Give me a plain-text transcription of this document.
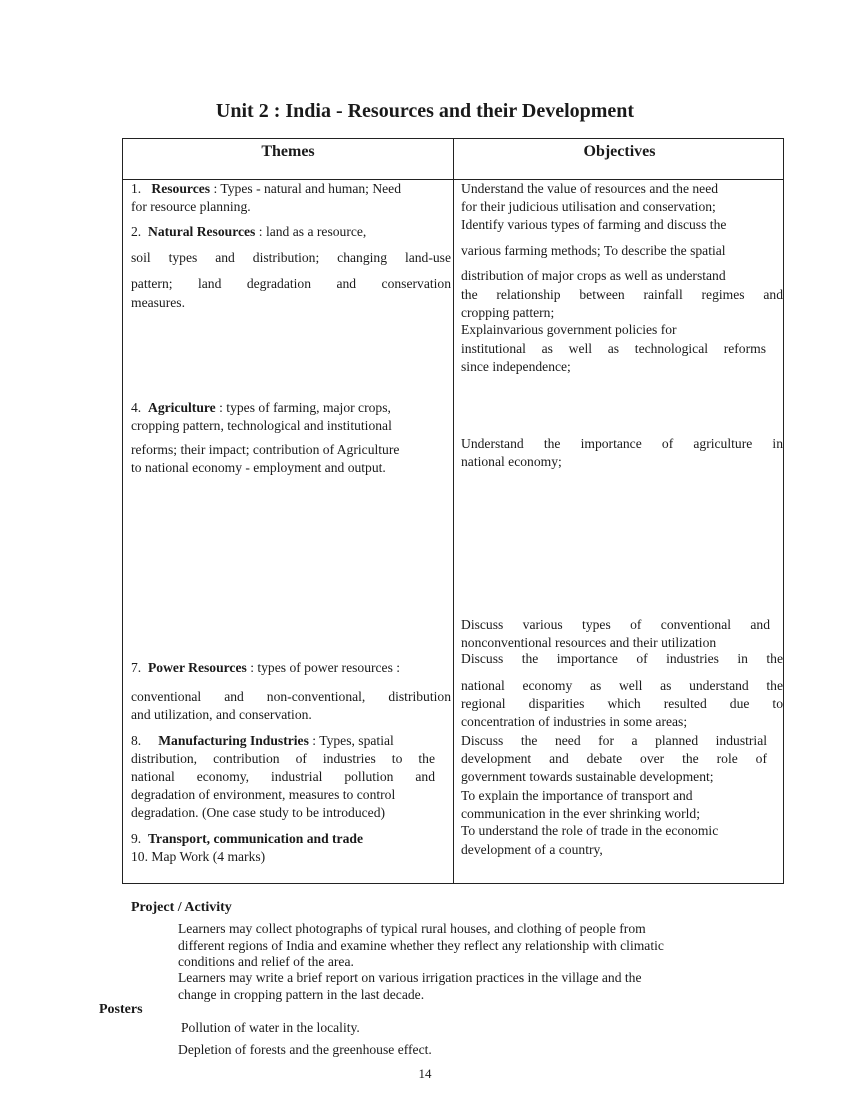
Unit 2 : India - Resources and their Development
Themes	Objectives
1. Resources : Types - natural and human; Need
for resource planning.
2. Natural Resources : land as a resource,
soil types and distribution; changing land-use
pattern; land degradation and conservation
measures.
4. Agriculture : types of farming, major crops,
cropping pattern, technological and institutional
reforms; their impact; contribution of Agriculture
to national economy - employment and output.
7. Power Resources : types of power resources :
conventional and non-conventional, distribution
and utilization, and conservation.
8. Manufacturing Industries : Types, spatial
distribution, contribution of industries to the
national economy, industrial pollution and
degradation of environment, measures to control
degradation. (One case study to be introduced)
9. Transport, communication and trade
10. Map Work (4 marks)
Understand the value of resources and the need
for their judicious utilisation and conservation;
Identify various types of farming and discuss the
various farming methods; To describe the spatial
distribution of major crops as well as understand
the relationship between rainfall regimes and
cropping pattern;
Explainvarious government policies for
institutional as well as technological reforms
since independence;
Understand the importance of agriculture in
national economy;
Discuss various types of conventional and
nonconventional resources and their utilization
Discuss the importance of industries in the
national economy as well as understand the
regional disparities which resulted due to
concentration of industries in some areas;
Discuss the need for a planned industrial
development and debate over the role of
government towards sustainable development;
To explain the importance of transport and
communication in the ever shrinking world;
To understand the role of trade in the economic
development of a country,
Project / Activity
Learners may collect photographs of typical rural houses, and clothing of people from
different regions of India and examine whether they reflect any relationship with climatic
conditions and relief of the area.
Learners may write a brief report on various irrigation practices in the village and the
change in cropping pattern in the last decade.
Posters
Pollution of water in the locality.
Depletion of forests and the greenhouse effect.
14
